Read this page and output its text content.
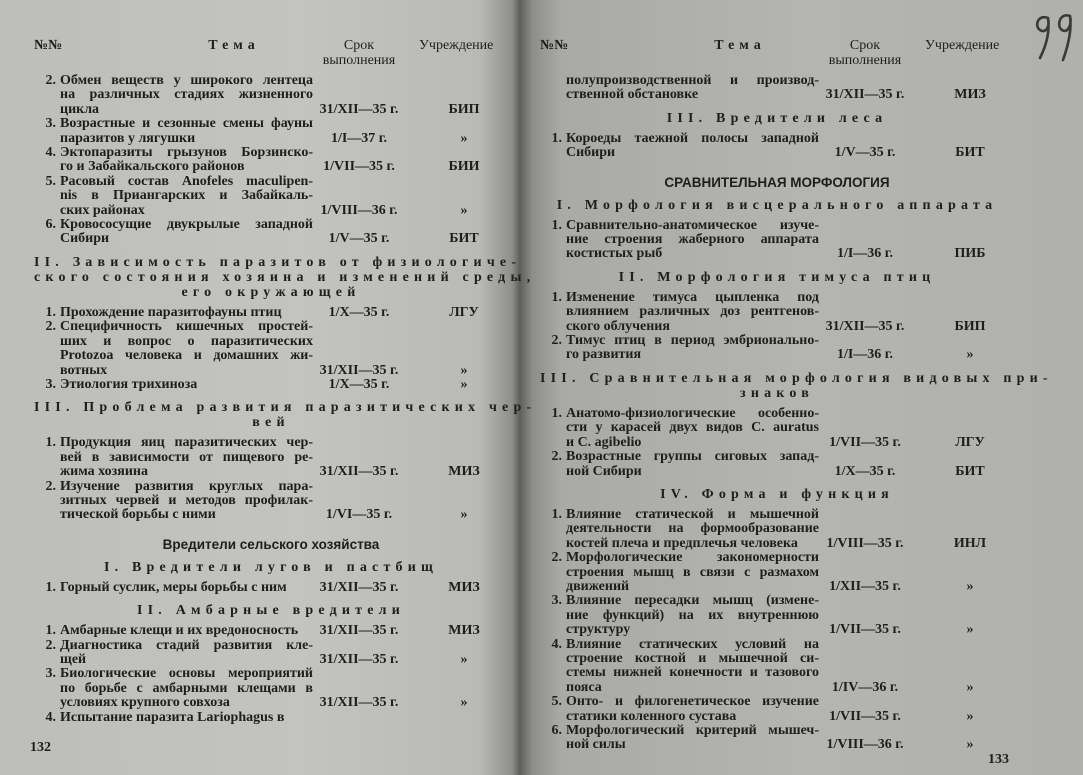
№№	Тема	Срок
выполнения
Учреждение
2. Обмен веществ у широкого лентеца
на различных стадиях жизненного
цикла	31/XII—35 г.	БИП
3. Возрастные и сезонные смены фауны
паразитов у лягушки	1/I—37 г.	»
4. Эктопаразиты грызунов Борзинско-
го и Забайкальского районов	1/VII—35 г.	БИИ
5. Расовый состав Anofeles maculipen-
nis в Приангарских и Забайкаль-
ских районах	1/VIII—36 г.	»
6. Кровососущие двукрылые западной
Сибири	1/V—35 г.	БИТ
II. Зависимость паразитов от физиологиче-
ского состояния хозяина и изменений среды,
его окружающей
1. Прохождение паразитофауны птиц	1/X—35 г.	ЛГУ
2. Специфичность кишечных простей-
ших и вопрос о паразитических
Protozoa человека и домашних жи-
вотных	31/XII—35 г.	»
3. Этиология трихиноза	1/X—35 г.	»
III. Проблема развития паразитических чер-
вей
1. Продукция яиц паразитических чер-
вей в зависимости от пищевого ре-
жима хозяина	31/XII—35 г.	МИЗ
2. Изучение развития круглых пара-
зитных червей и методов профилак-
тической борьбы с ними	1/VI—35 г.	»
Вредители сельского хозяйства
I. Вредители лугов и пастбищ
1. Горный суслик, меры борьбы с ним	31/XII—35 г.	МИЗ
II. Амбарные вредители
1. Амбарные клещи и их вредоносность	31/XII—35 г.	МИЗ
2. Диагностика стадий развития кле-
щей	31/XII—35 г.	»
3. Биологические основы мероприятий
по борьбе с амбарными клещами в
условиях крупного совхоза	31/XII—35 г.	»
4. Испытание паразита Lariophagus в
№№	Тема	Срок
выполнения
Учреждение
полупроизводственной и производ-
ственной обстановке	31/XII—35 г.	МИЗ
III. Вредители леса
1. Короеды таежной полосы западной
Сибири	1/V—35 г.	БИТ
СРАВНИТЕЛЬНАЯ МОРФОЛОГИЯ
I. Морфология висцерального аппарата
1. Сравнительно-анатомическое изуче-
ние строения жаберного аппарата
костистых рыб	1/I—36 г.	ПИБ
II. Морфология тимуса птиц
1. Изменение тимуса цыпленка под
влиянием различных доз рентгенов-
ского облучения	31/XII—35 г.	БИП
2. Тимус птиц в период эмбрионально-
го развития	1/I—36 г.	»
III. Сравнительная морфология видовых при-
знаков
1. Анатомо-физиологические особенно-
сти у карасей двух видов C. auratus
и C. agibelio	1/VII—35 г.	ЛГУ
2. Возрастные группы сиговых запад-
ной Сибири	1/X—35 г.	БИТ
IV. Форма и функция
1. Влияние статической и мышечной
деятельности на формообразование
костей плеча и предплечья человека	1/VIII—35 г.	ИНЛ
2. Морфологические закономерности
строения мышц в связи с размахом
движений	1/XII—35 г.	»
3. Влияние пересадки мышц (измене-
ние функций) на их внутреннюю
структуру	1/VII—35 г.	»
4. Влияние статических условий на
строение костной и мышечной си-
стемы нижней конечности и тазового
пояса	1/IV—36 г.	»
5. Онто- и филогенетическое изучение
статики коленного сустава	1/VII—35 г.	»
6. Морфологический критерий мышеч-
ной силы	1/VIII—36 г.	»
132
133
